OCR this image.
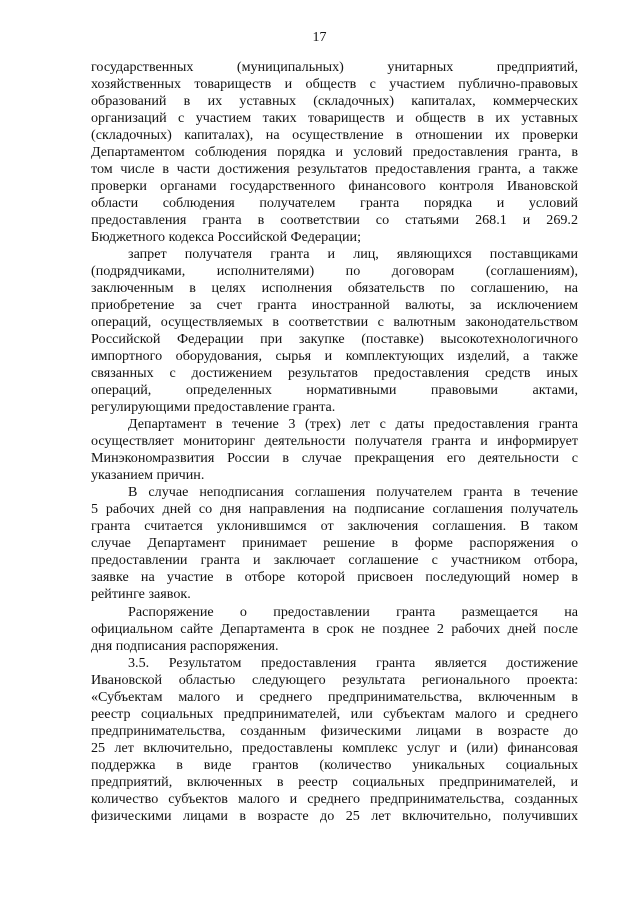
17
государственных (муниципальных) унитарных предприятий,
хозяйственных товариществ и обществ с участием публично-правовых
образований в их уставных (складочных) капиталах, коммерческих
организаций с участием таких товариществ и обществ в их уставных
(складочных) капиталах), на осуществление в отношении их проверки
Департаментом соблюдения порядка и условий предоставления гранта, в
том числе в части достижения результатов предоставления гранта, а также
проверки органами государственного финансового контроля Ивановской
области соблюдения получателем гранта порядка и условий
предоставления гранта в соответствии со статьями 268.1 и 269.2
Бюджетного кодекса Российской Федерации;
запрет получателя гранта и лиц, являющихся поставщиками
(подрядчиками, исполнителями) по договорам (соглашениям),
заключенным в целях исполнения обязательств по соглашению, на
приобретение за счет гранта иностранной валюты, за исключением
операций, осуществляемых в соответствии с валютным законодательством
Российской Федерации при закупке (поставке) высокотехнологичного
импортного оборудования, сырья и комплектующих изделий, а также
связанных с достижением результатов предоставления средств иных
операций, определенных нормативными правовыми актами,
регулирующими предоставление гранта.
Департамент в течение 3 (трех) лет с даты предоставления гранта
осуществляет мониторинг деятельности получателя гранта и информирует
Минэкономразвития России в случае прекращения его деятельности с
указанием причин.
В случае неподписания соглашения получателем гранта в течение
5 рабочих дней со дня направления на подписание соглашения получатель
гранта считается уклонившимся от заключения соглашения. В таком
случае Департамент принимает решение в форме распоряжения о
предоставлении гранта и заключает соглашение с участником отбора,
заявке на участие в отборе которой присвоен последующий номер в
рейтинге заявок.
Распоряжение о предоставлении гранта размещается на
официальном сайте Департамента в срок не позднее 2 рабочих дней после
дня подписания распоряжения.
3.5. Результатом предоставления гранта является достижение
Ивановской областью следующего результата регионального проекта:
«Субъектам малого и среднего предпринимательства, включенным в
реестр социальных предпринимателей, или субъектам малого и среднего
предпринимательства, созданным физическими лицами в возрасте до
25 лет включительно, предоставлены комплекс услуг и (или) финансовая
поддержка в виде грантов (количество уникальных социальных
предприятий, включенных в реестр социальных предпринимателей, и
количество субъектов малого и среднего предпринимательства, созданных
физическими лицами в возрасте до 25 лет включительно, получивших
